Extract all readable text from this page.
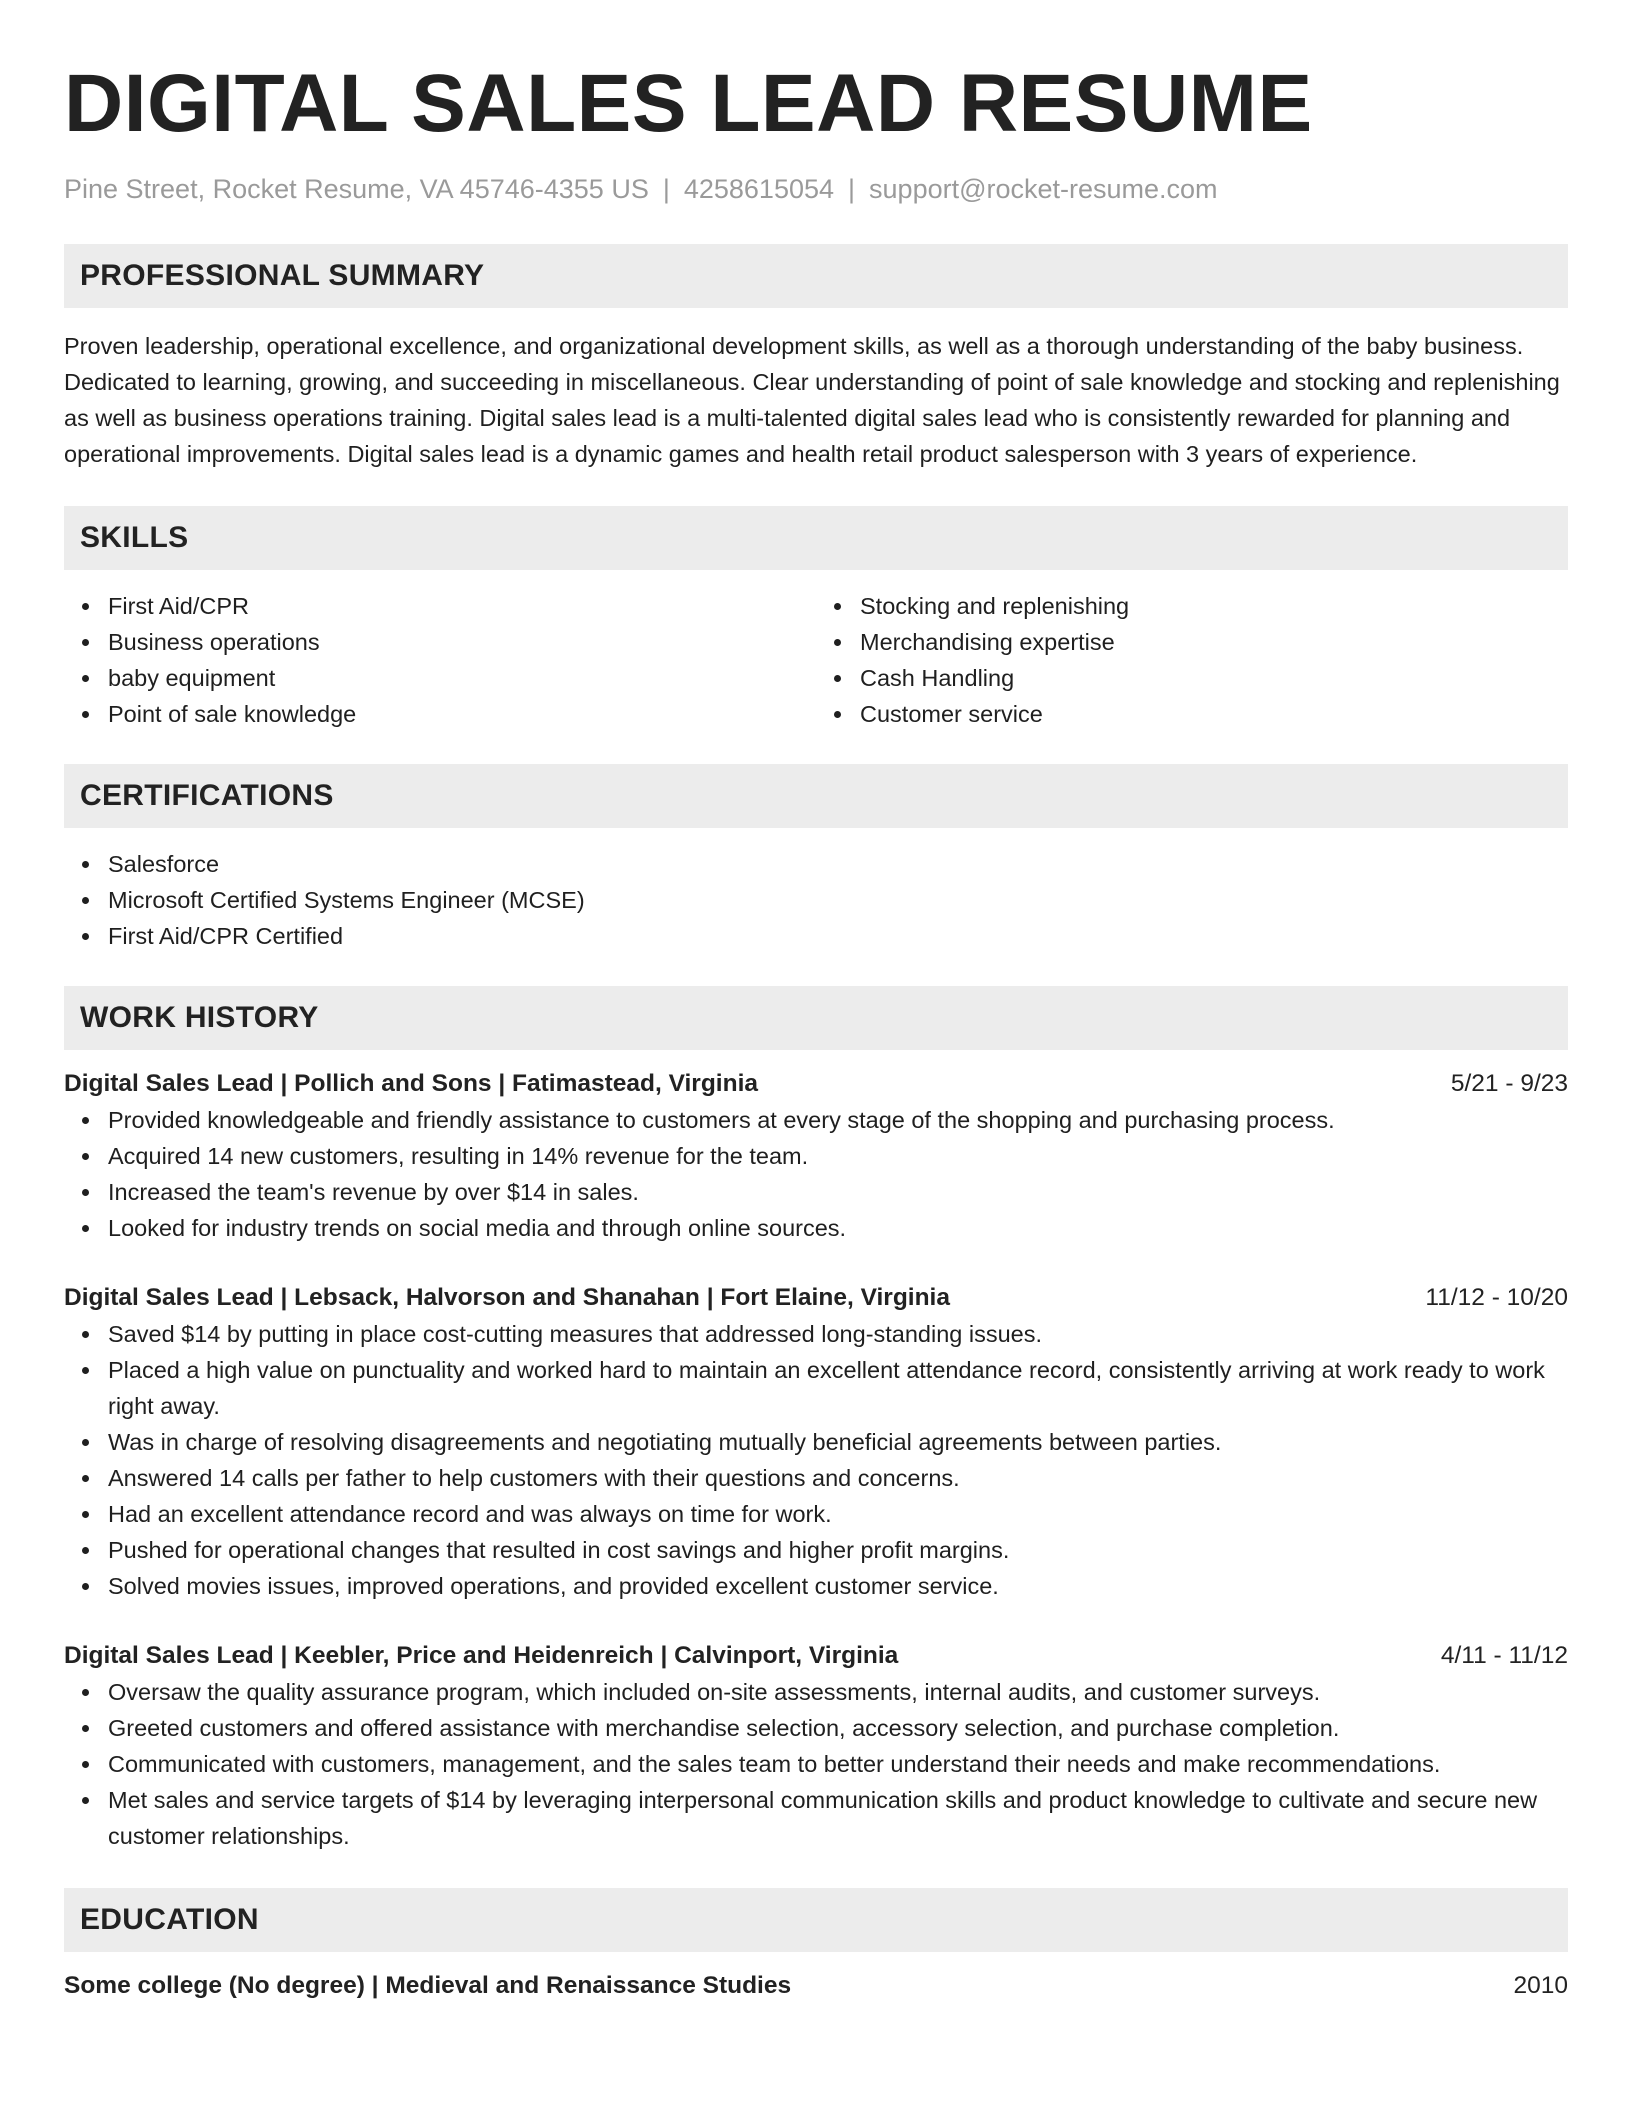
DIGITAL SALES LEAD RESUME
Pine Street, Rocket Resume, VA 45746-4355 US | 4258615054 | support@rocket-resume.com
PROFESSIONAL SUMMARY

Proven leadership, operational excellence, and organizational development skills, as well as a thorough understanding of the baby business. Dedicated to learning, growing, and succeeding in miscellaneous. Clear understanding of point of sale knowledge and stocking and replenishing as well as business operations training. Digital sales lead is a multi-talented digital sales lead who is consistently rewarded for planning and operational improvements. Digital sales lead is a dynamic games and health retail product salesperson with 3 years of experience.

SKILLS
First Aid/CPR
Business operations
baby equipment
Point of sale knowledge
Stocking and replenishing
Merchandising expertise
Cash Handling
Customer service
CERTIFICATIONS
Salesforce
Microsoft Certified Systems Engineer (MCSE)
First Aid/CPR Certified
WORK HISTORY
Digital Sales Lead | Pollich and Sons | Fatimastead, Virginia	5/21 - 9/23
Provided knowledgeable and friendly assistance to customers at every stage of the shopping and purchasing process.
Acquired 14 new customers, resulting in 14% revenue for the team.
Increased the team's revenue by over $14 in sales.
Looked for industry trends on social media and through online sources.
Digital Sales Lead | Lebsack, Halvorson and Shanahan | Fort Elaine, Virginia	11/12 - 10/20
Saved $14 by putting in place cost-cutting measures that addressed long-standing issues.
Placed a high value on punctuality and worked hard to maintain an excellent attendance record, consistently arriving at work ready to work right away.
Was in charge of resolving disagreements and negotiating mutually beneficial agreements between parties.
Answered 14 calls per father to help customers with their questions and concerns.
Had an excellent attendance record and was always on time for work.
Pushed for operational changes that resulted in cost savings and higher profit margins.
Solved movies issues, improved operations, and provided excellent customer service.
Digital Sales Lead | Keebler, Price and Heidenreich | Calvinport, Virginia	4/11 - 11/12
Oversaw the quality assurance program, which included on-site assessments, internal audits, and customer surveys.
Greeted customers and offered assistance with merchandise selection, accessory selection, and purchase completion.
Communicated with customers, management, and the sales team to better understand their needs and make recommendations.
Met sales and service targets of $14 by leveraging interpersonal communication skills and product knowledge to cultivate and secure new customer relationships.
EDUCATION
Some college (No degree) | Medieval and Renaissance Studies	2010
